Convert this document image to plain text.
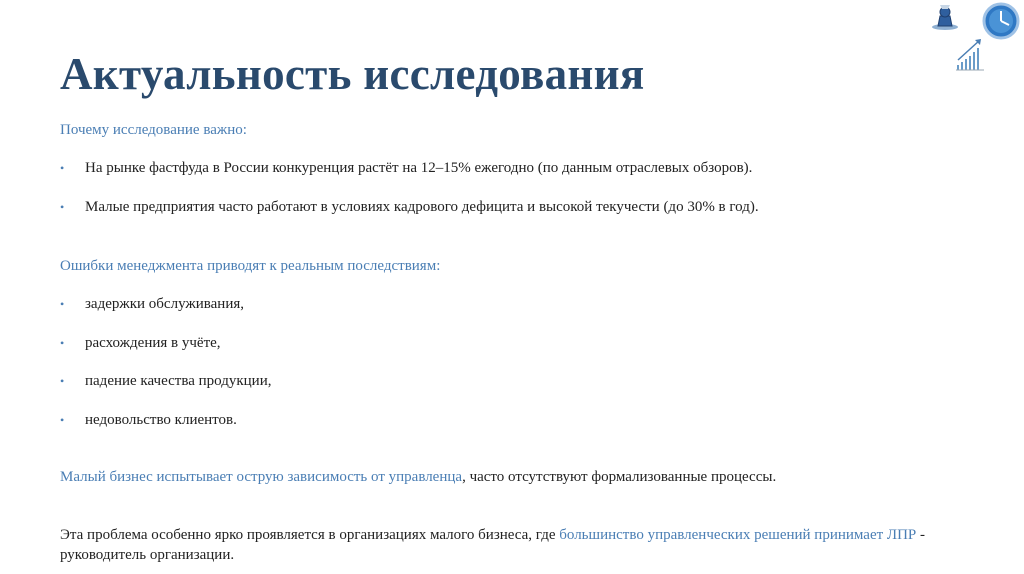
Актуальность исследования
Почему исследование важно:
• На рынке фастфуда в России конкуренция растёт на 12–15% ежегодно (по данным отраслевых обзоров).
• Малые предприятия часто работают в условиях кадрового дефицита и высокой текучести (до 30% в год).
Ошибки менеджмента приводят к реальным последствиям:
• задержки обслуживания,
• расхождения в учёте,
• падение качества продукции,
• недовольство клиентов.
Малый бизнес испытывает острую зависимость от управленца, часто отсутствуют формализованные процессы.
Эта проблема особенно ярко проявляется в организациях малого бизнеса, где большинство управленческих решений принимает ЛПР - руководитель организации.
